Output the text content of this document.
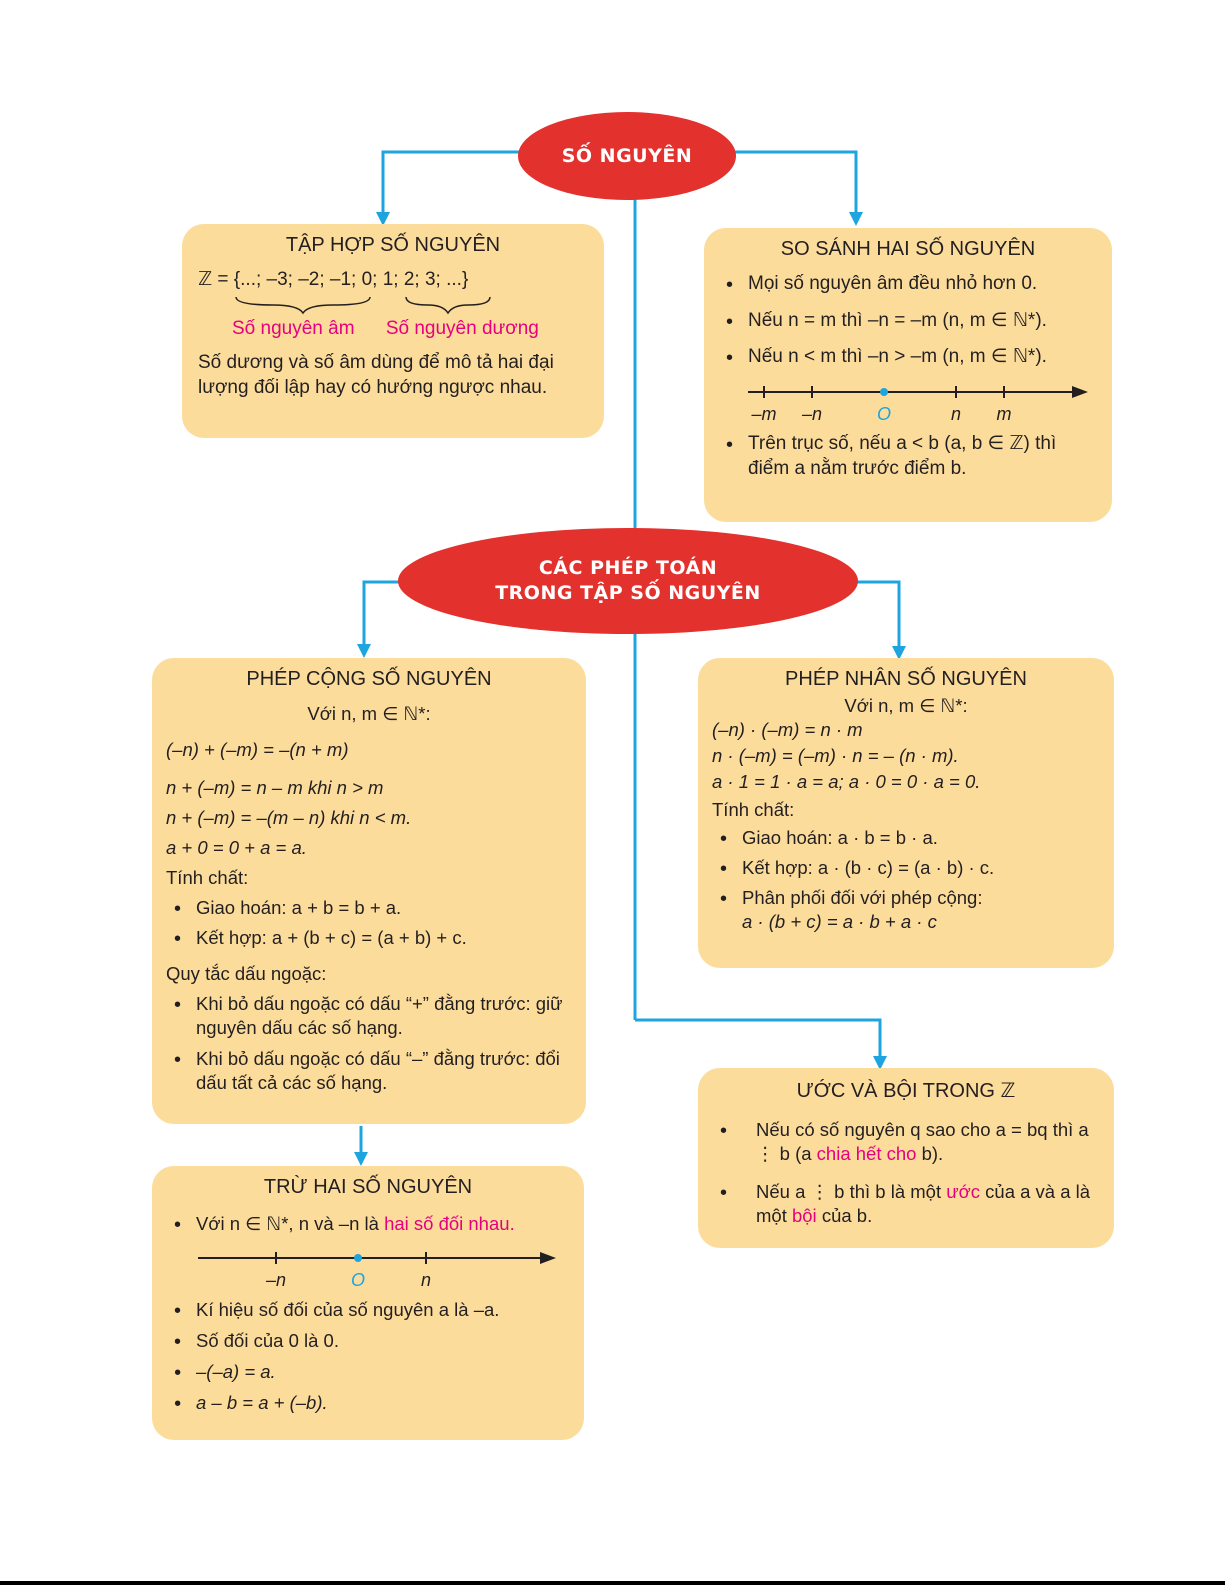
SỐ NGUYÊN
CÁC PHÉP TOÁN
TRONG TẬP SỐ NGUYÊN

TẬP HỢP SỐ NGUYÊN

ℤ = {...; –3; –2; –1; 0; 1; 2; 3; ...}

Số nguyên âm Số nguyên dương

Số dương và số âm dùng để mô tả hai đại lượng đối lập hay có hướng ngược nhau.

SO SÁNH HAI SỐ NGUYÊN

• Mọi số nguyên âm đều nhỏ hơn 0.
• Nếu n = m thì –n = –m (n, m ∈ ℕ*).
• Nếu n < m thì –n > –m (n, m ∈ ℕ*).
–m –n	O	n m
• Trên trục số, nếu a < b (a, b ∈ ℤ) thì điểm a nằm trước điểm b.

PHÉP CỘNG SỐ NGUYÊN

Với n, m ∈ ℕ*:

(–n) + (–m) = –(n + m)

n + (–m) = n – m khi n > m

n + (–m) = –(m – n) khi n < m.

a + 0 = 0 + a = a.

Tính chất:

• Giao hoán: a + b = b + a.
• Kết hợp: a + (b + c) = (a + b) + c.

Quy tắc dấu ngoặc:

• Khi bỏ dấu ngoặc có dấu “+” đằng trước: giữ nguyên dấu các số hạng.
• Khi bỏ dấu ngoặc có dấu “–” đằng trước: đổi dấu tất cả các số hạng.

PHÉP NHÂN SỐ NGUYÊN

Với n, m ∈ ℕ*:

(–n) · (–m) = n · m

n · (–m) = (–m) · n = – (n · m).

a · 1 = 1 · a = a; a · 0 = 0 · a = 0.

Tính chất:

• Giao hoán: a · b = b · a.
• Kết hợp: a · (b · c) = (a · b) · c.
• Phân phối đối với phép cộng:
a · (b + c) = a · b + a · c

ƯỚC VÀ BỘI TRONG ℤ

• Nếu có số nguyên q sao cho a = bq thì a ⋮ b (a chia hết cho b).
• Nếu a ⋮ b thì b là một ước của a và a là một bội của b.

TRỪ HAI SỐ NGUYÊN

• Với n ∈ ℕ*, n và –n là hai số đối nhau.
–n	O	n
• Kí hiệu số đối của số nguyên a là –a.
• Số đối của 0 là 0.
• –(–a) = a.
• a – b = a + (–b).
